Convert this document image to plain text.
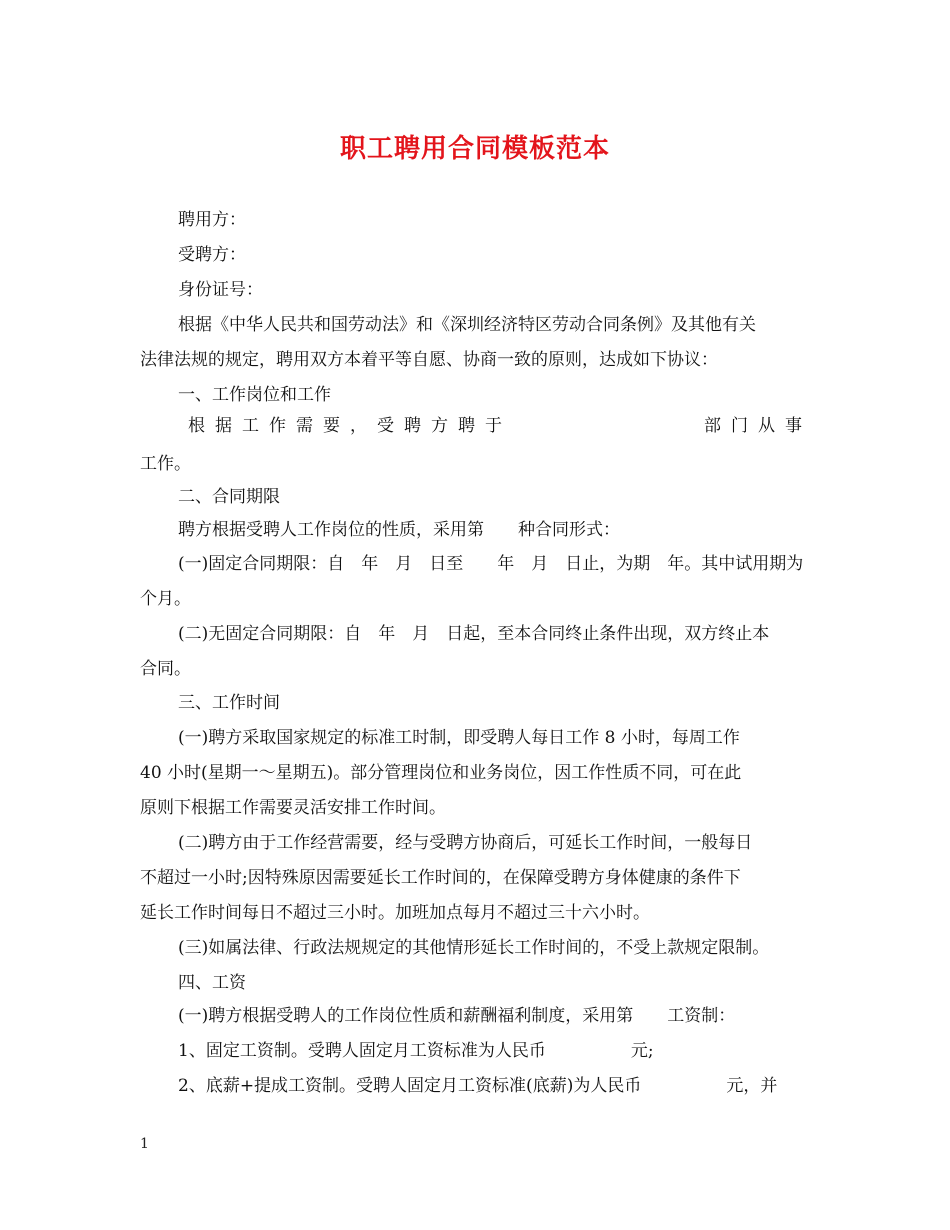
职工聘用合同模板范本
聘用方：
受聘方：
身份证号：
根据《中华人民共和国劳动法》和《深圳经济特区劳动合同条例》及其他有关
法律法规的规定，聘用双方本着平等自愿、协商一致的原则，达成如下协议：
一、工作岗位和工作
根据工作需要，受聘方聘于	部门从事
工作。
二、合同期限
聘方根据受聘人工作岗位的性质，采用第　　种合同形式：
(一)固定合同期限：自　年　月　日至　　年　月　日止，为期　年。其中试用期为
个月。
(二)无固定合同期限：自　年　月　日起，至本合同终止条件出现，双方终止本
合同。
三、工作时间
(一)聘方采取国家规定的标准工时制，即受聘人每日工作 8 小时，每周工作
40 小时(星期一～星期五)。部分管理岗位和业务岗位，因工作性质不同，可在此
原则下根据工作需要灵活安排工作时间。
(二)聘方由于工作经营需要，经与受聘方协商后，可延长工作时间，一般每日
不超过一小时;因特殊原因需要延长工作时间的，在保障受聘方身体健康的条件下
延长工作时间每日不超过三小时。加班加点每月不超过三十六小时。
(三)如属法律、行政法规规定的其他情形延长工作时间的，不受上款规定限制。
四、工资
(一)聘方根据受聘人的工作岗位性质和薪酬福利制度，采用第　　工资制：
1、固定工资制。受聘人固定月工资标准为人民币　　　　　元;
2、底薪+提成工资制。受聘人固定月工资标准(底薪)为人民币　　　　　元，并
1
